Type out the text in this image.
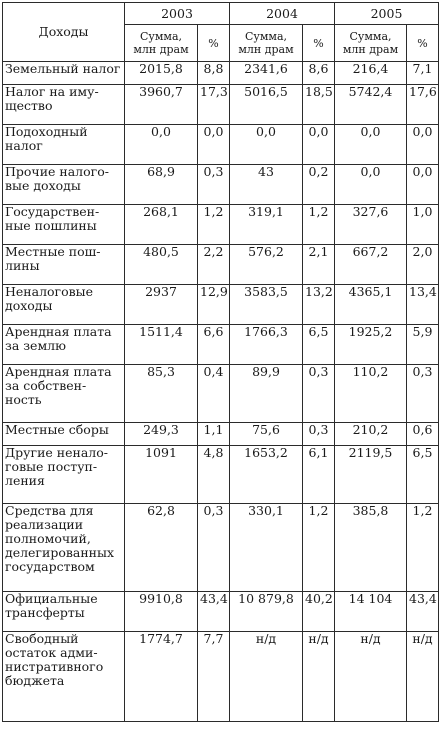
Доходы	2003		2004		2005	
	Сумма, млн драм	%	Сумма, млн драм	%	Сумма, млн драм	%
Земельный налог	2015,8	8,8	2341,6	8,6	216,4	7,1
Налог на иму-щество	3960,7	17,3	5016,5	18,5	5742,4	17,6
Подоходный налог	0,0	0,0	0,0	0,0	0,0	0,0
Прочие налого-вые доходы	68,9	0,3	43	0,2	0,0	0,0
Государствен-ные пошлины	268,1	1,2	319,1	1,2	327,6	1,0
Местные пош-лины	480,5	2,2	576,2	2,1	667,2	2,0
Неналоговые доходы	2937	12,9	3583,5	13,2	4365,1	13,4
Арендная плата за землю	1511,4	6,6	1766,3	6,5	1925,2	5,9
Арендная плата за собствен-ность	85,3	0,4	89,9	0,3	110,2	0,3
Местные сборы	249,3	1,1	75,6	0,3	210,2	0,6
Другие ненало-говые поступ-ления	1091	4,8	1653,2	6,1	2119,5	6,5
Средства для реализации полномочий, делегированных государством	62,8	0,3	330,1	1,2	385,8	1,2
Официальные трансферты	9910,8	43,4	10 879,8	40,2	14 104	43,4
Свободный остаток адми-нистративного бюджета	1774,7	7,7	н/д	н/д	н/д	н/д
